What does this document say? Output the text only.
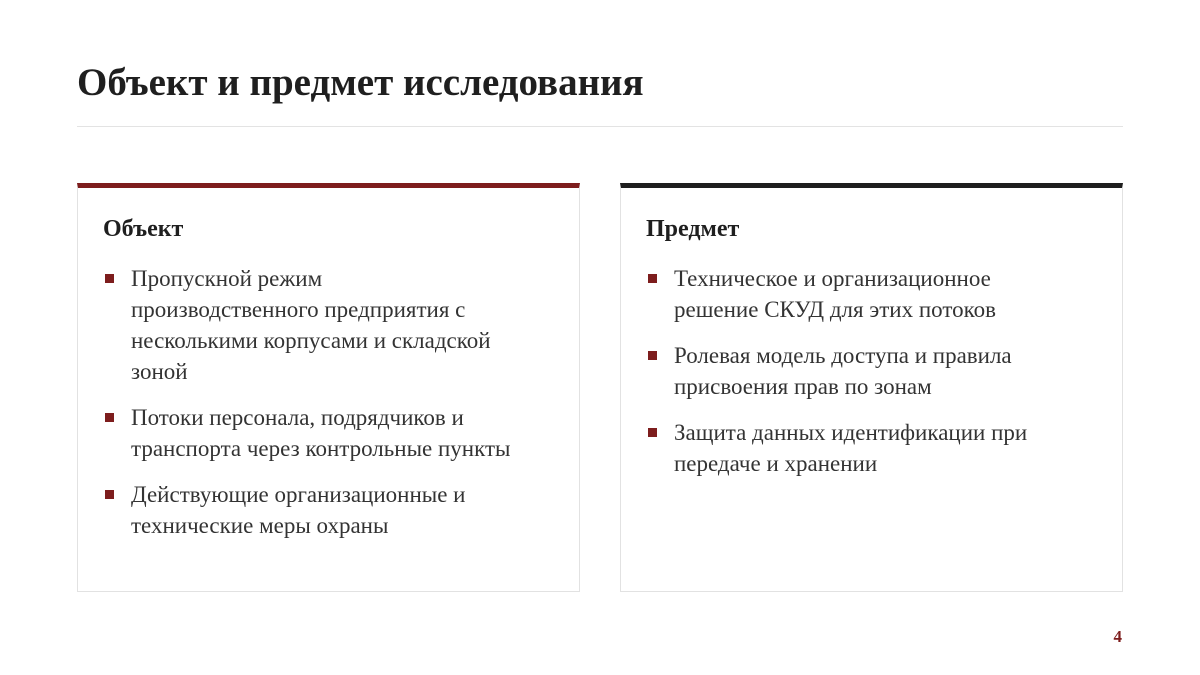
Объект и предмет исследования
Объект
Пропускной режим производственного предприятия с несколькими корпусами и складской зоной
Потоки персонала, подрядчиков и транспорта через контрольные пункты
Действующие организационные и технические меры охраны
Предмет
Техническое и организационное решение СКУД для этих потоков
Ролевая модель доступа и правила присвоения прав по зонам
Защита данных идентификации при передаче и хранении
4
